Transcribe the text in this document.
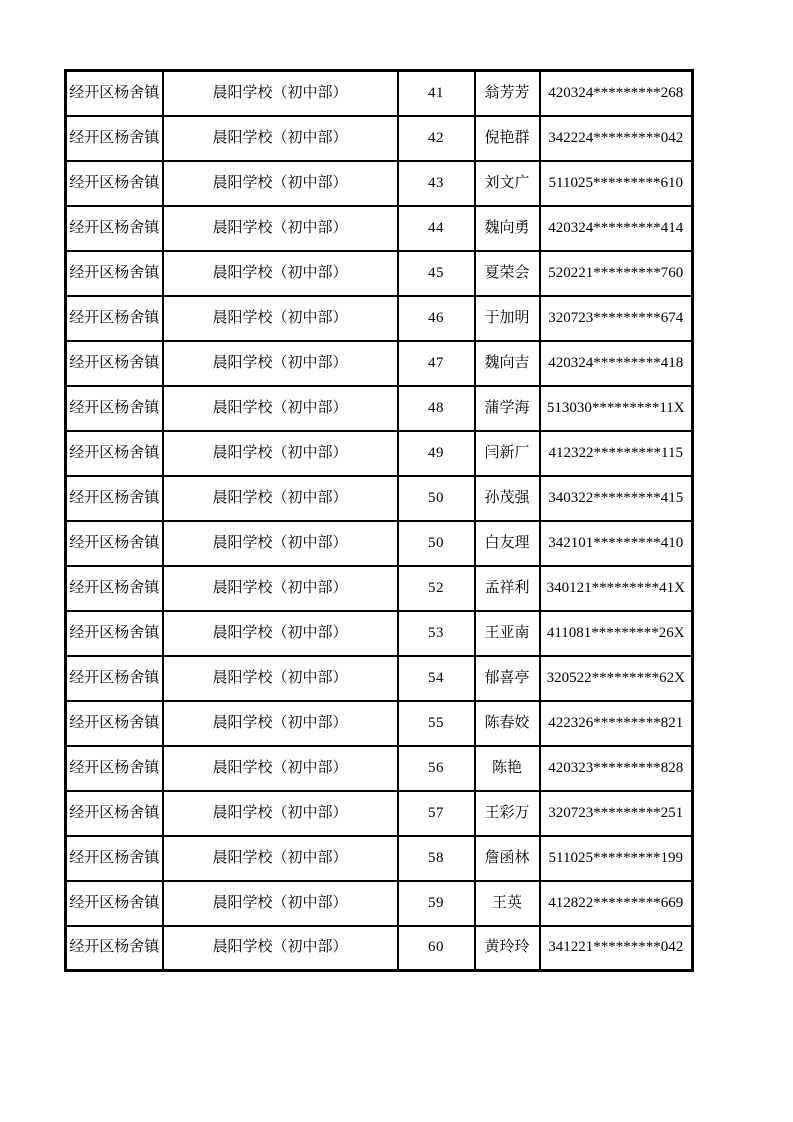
经开区杨舍镇	晨阳学校（初中部）	41	翁芳芳	420324*********268
经开区杨舍镇	晨阳学校（初中部）	42	倪艳群	342224*********042
经开区杨舍镇	晨阳学校（初中部）	43	刘文广	511025*********610
经开区杨舍镇	晨阳学校（初中部）	44	魏向勇	420324*********414
经开区杨舍镇	晨阳学校（初中部）	45	夏荣会	520221*********760
经开区杨舍镇	晨阳学校（初中部）	46	于加明	320723*********674
经开区杨舍镇	晨阳学校（初中部）	47	魏向吉	420324*********418
经开区杨舍镇	晨阳学校（初中部）	48	蒲学海	513030*********11X
经开区杨舍镇	晨阳学校（初中部）	49	闫新厂	412322*********115
经开区杨舍镇	晨阳学校（初中部）	50	孙茂强	340322*********415
经开区杨舍镇	晨阳学校（初中部）	50	白友理	342101*********410
经开区杨舍镇	晨阳学校（初中部）	52	孟祥利	340121*********41X
经开区杨舍镇	晨阳学校（初中部）	53	王亚南	411081*********26X
经开区杨舍镇	晨阳学校（初中部）	54	郁喜亭	320522*********62X
经开区杨舍镇	晨阳学校（初中部）	55	陈春姣	422326*********821
经开区杨舍镇	晨阳学校（初中部）	56	陈艳	420323*********828
经开区杨舍镇	晨阳学校（初中部）	57	王彩万	320723*********251
经开区杨舍镇	晨阳学校（初中部）	58	詹函林	511025*********199
经开区杨舍镇	晨阳学校（初中部）	59	王英	412822*********669
经开区杨舍镇	晨阳学校（初中部）	60	黄玲玲	341221*********042
